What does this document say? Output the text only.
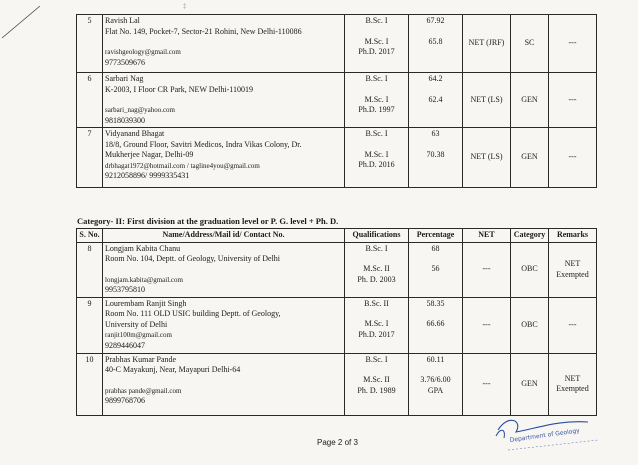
‡
5	Ravish Lal
Flat No. 149, Pocket-7, Sector-21 Rohini, New Delhi-110086
ravishgeology@gmail.com
9773509676	B.Sc. I
M.Sc. I
Ph.D. 2017	67.92
65.8	NET (JRF)	SC	---
6	Sarbari Nag
K-2003, I Floor CR Park, NEW Delhi-110019
sarbari_nag@yahoo.com
9818039300	B.Sc. I
M.Sc. I
Ph.D. 1997	64.2
62.4	NET (LS)	GEN	---
7	Vidyanand Bhagat
18/8, Ground Floor, Savitri Medicos, Indra Vikas Colony, Dr.
Mukherjee Nagar, Delhi-09
drbhagat1972@hotmail.com / tagline4you@gmail.com
9212058896/ 9999335431	B.Sc. I
M.Sc. I
Ph.D. 2016	63
70.38	NET (LS)	GEN	---
Category- II: First division at the graduation level or P. G. level + Ph. D.
S. No.	Name/Address/Mail id/ Contact No.	Qualifications	Percentage	NET	Category	Remarks
8	Longjam Kabita Chanu
Room No. 104, Deptt. of Geology, University of Delhi
longjam.kabita@gmail.com
9953795810	B.Sc. I
M.Sc. II
Ph. D. 2003	68
56	---	OBC	NET Exempted
9	Lourembam Ranjit Singh
Room No. 111 OLD USIC building Deptt. of Geology,
University of Delhi
ranjit100m@gmail.com
9289446047	B.Sc. II
M.Sc. I
Ph.D. 2017	58.35
66.66	---	OBC	---
10	Prabhas Kumar Pande
40-C Mayakunj, Near, Mayapuri Delhi-64
prabhas pande@gmail.com
9899768706	B.Sc. I
M.Sc. II
Ph. D. 1989	60.11
3.76/6.00
GPA	---	GEN	NET Exempted
Page 2 of 3	Department of Geology
